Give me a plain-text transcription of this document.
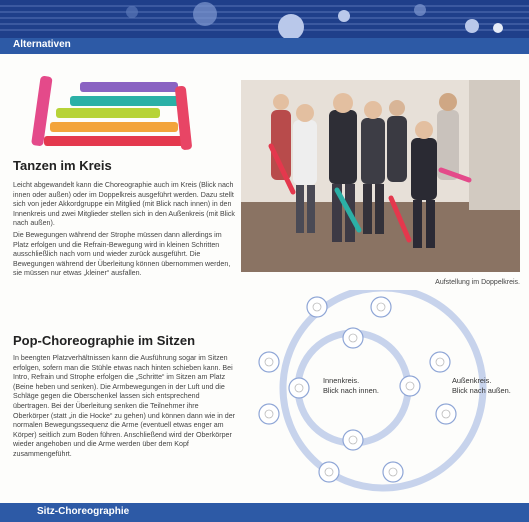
Alternativen
Aufstellung im Doppelkreis.
Tanzen im Kreis

Leicht abgewandelt kann die Choreographie auch im Kreis (Blick nach innen oder außen) oder im Doppelkreis ausgeführt werden. Dazu stellt sich von jeder Akkordgruppe ein Mitglied (mit Blick nach innen) in den Innenkreis und zwei Mitglieder stellen sich in den Außenkreis (mit Blick nach außen).

Die Bewegungen während der Strophe müssen dann allerdings im Platz erfolgen und die Refrain-Bewegung wird in kleinen Schritten ausschließlich nach vorn und wieder zurück ausgeführt. Die Bewegungen während der Überleitung können übernommen werden, sie müssen nur etwas „kleiner“ ausfallen.

Pop-Choreographie im Sitzen

In beengten Platzverhältnissen kann die Ausführung sogar im Sitzen erfolgen, sofern man die Stühle etwas nach hinten schieben kann. Bei Intro, Refrain und Strophe erfolgen die „Schritte“ im Sitzen am Platz (Beine heben und senken). Die Armbewegungen in der Luft und die Schläge gegen die Oberschenkel lassen sich entsprechend übertragen. Bei der Überleitung senken die Teilnehmer ihre Oberkörper (statt „in die Hocke“ zu gehen) und können dann wie in der normalen Bewegungssequenz die Arme (eventuell etwas enger am Körper) seitlich zum Boden führen. Anschließend wird der Oberkörper wieder angehoben und die Arme werden über dem Kopf zusammengeführt.

Innenkreis.
Blick nach innen.
Außenkreis.
Blick nach außen.
Sitz-Choreographie
